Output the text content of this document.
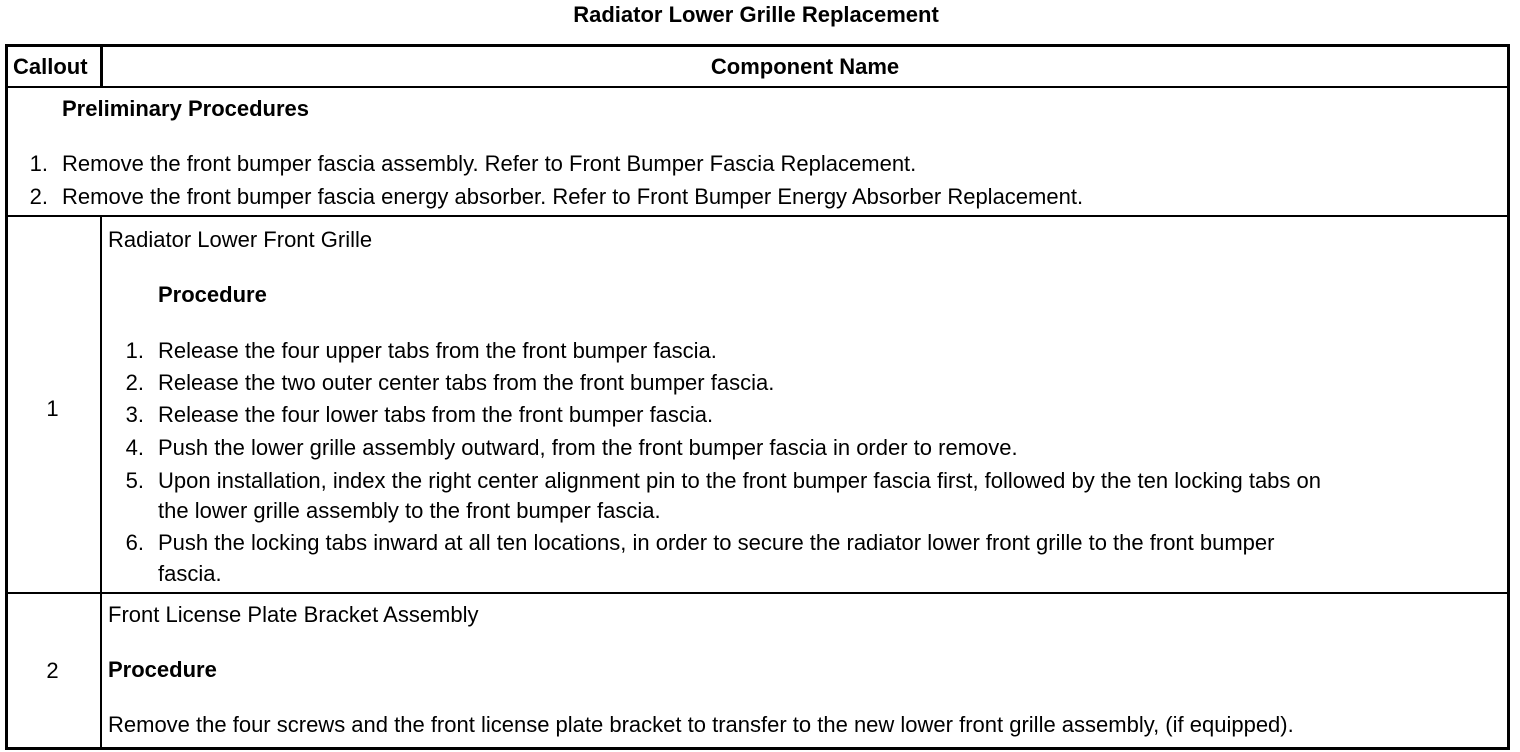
Radiator Lower Grille Replacement
Callout	Component Name
Preliminary Procedures
1. Remove the front bumper fascia assembly. Refer to Front Bumper Fascia Replacement.
2. Remove the front bumper fascia energy absorber. Refer to Front Bumper Energy Absorber Replacement.
1
Radiator Lower Front Grille
Procedure
1. Release the four upper tabs from the front bumper fascia.
2. Release the two outer center tabs from the front bumper fascia.
3. Release the four lower tabs from the front bumper fascia.
4. Push the lower grille assembly outward, from the front bumper fascia in order to remove.
5. Upon installation, index the right center alignment pin to the front bumper fascia first, followed by the ten locking tabs on
the lower grille assembly to the front bumper fascia.
6. Push the locking tabs inward at all ten locations, in order to secure the radiator lower front grille to the front bumper
fascia.
2
Front License Plate Bracket Assembly
Procedure
Remove the four screws and the front license plate bracket to transfer to the new lower front grille assembly, (if equipped).
